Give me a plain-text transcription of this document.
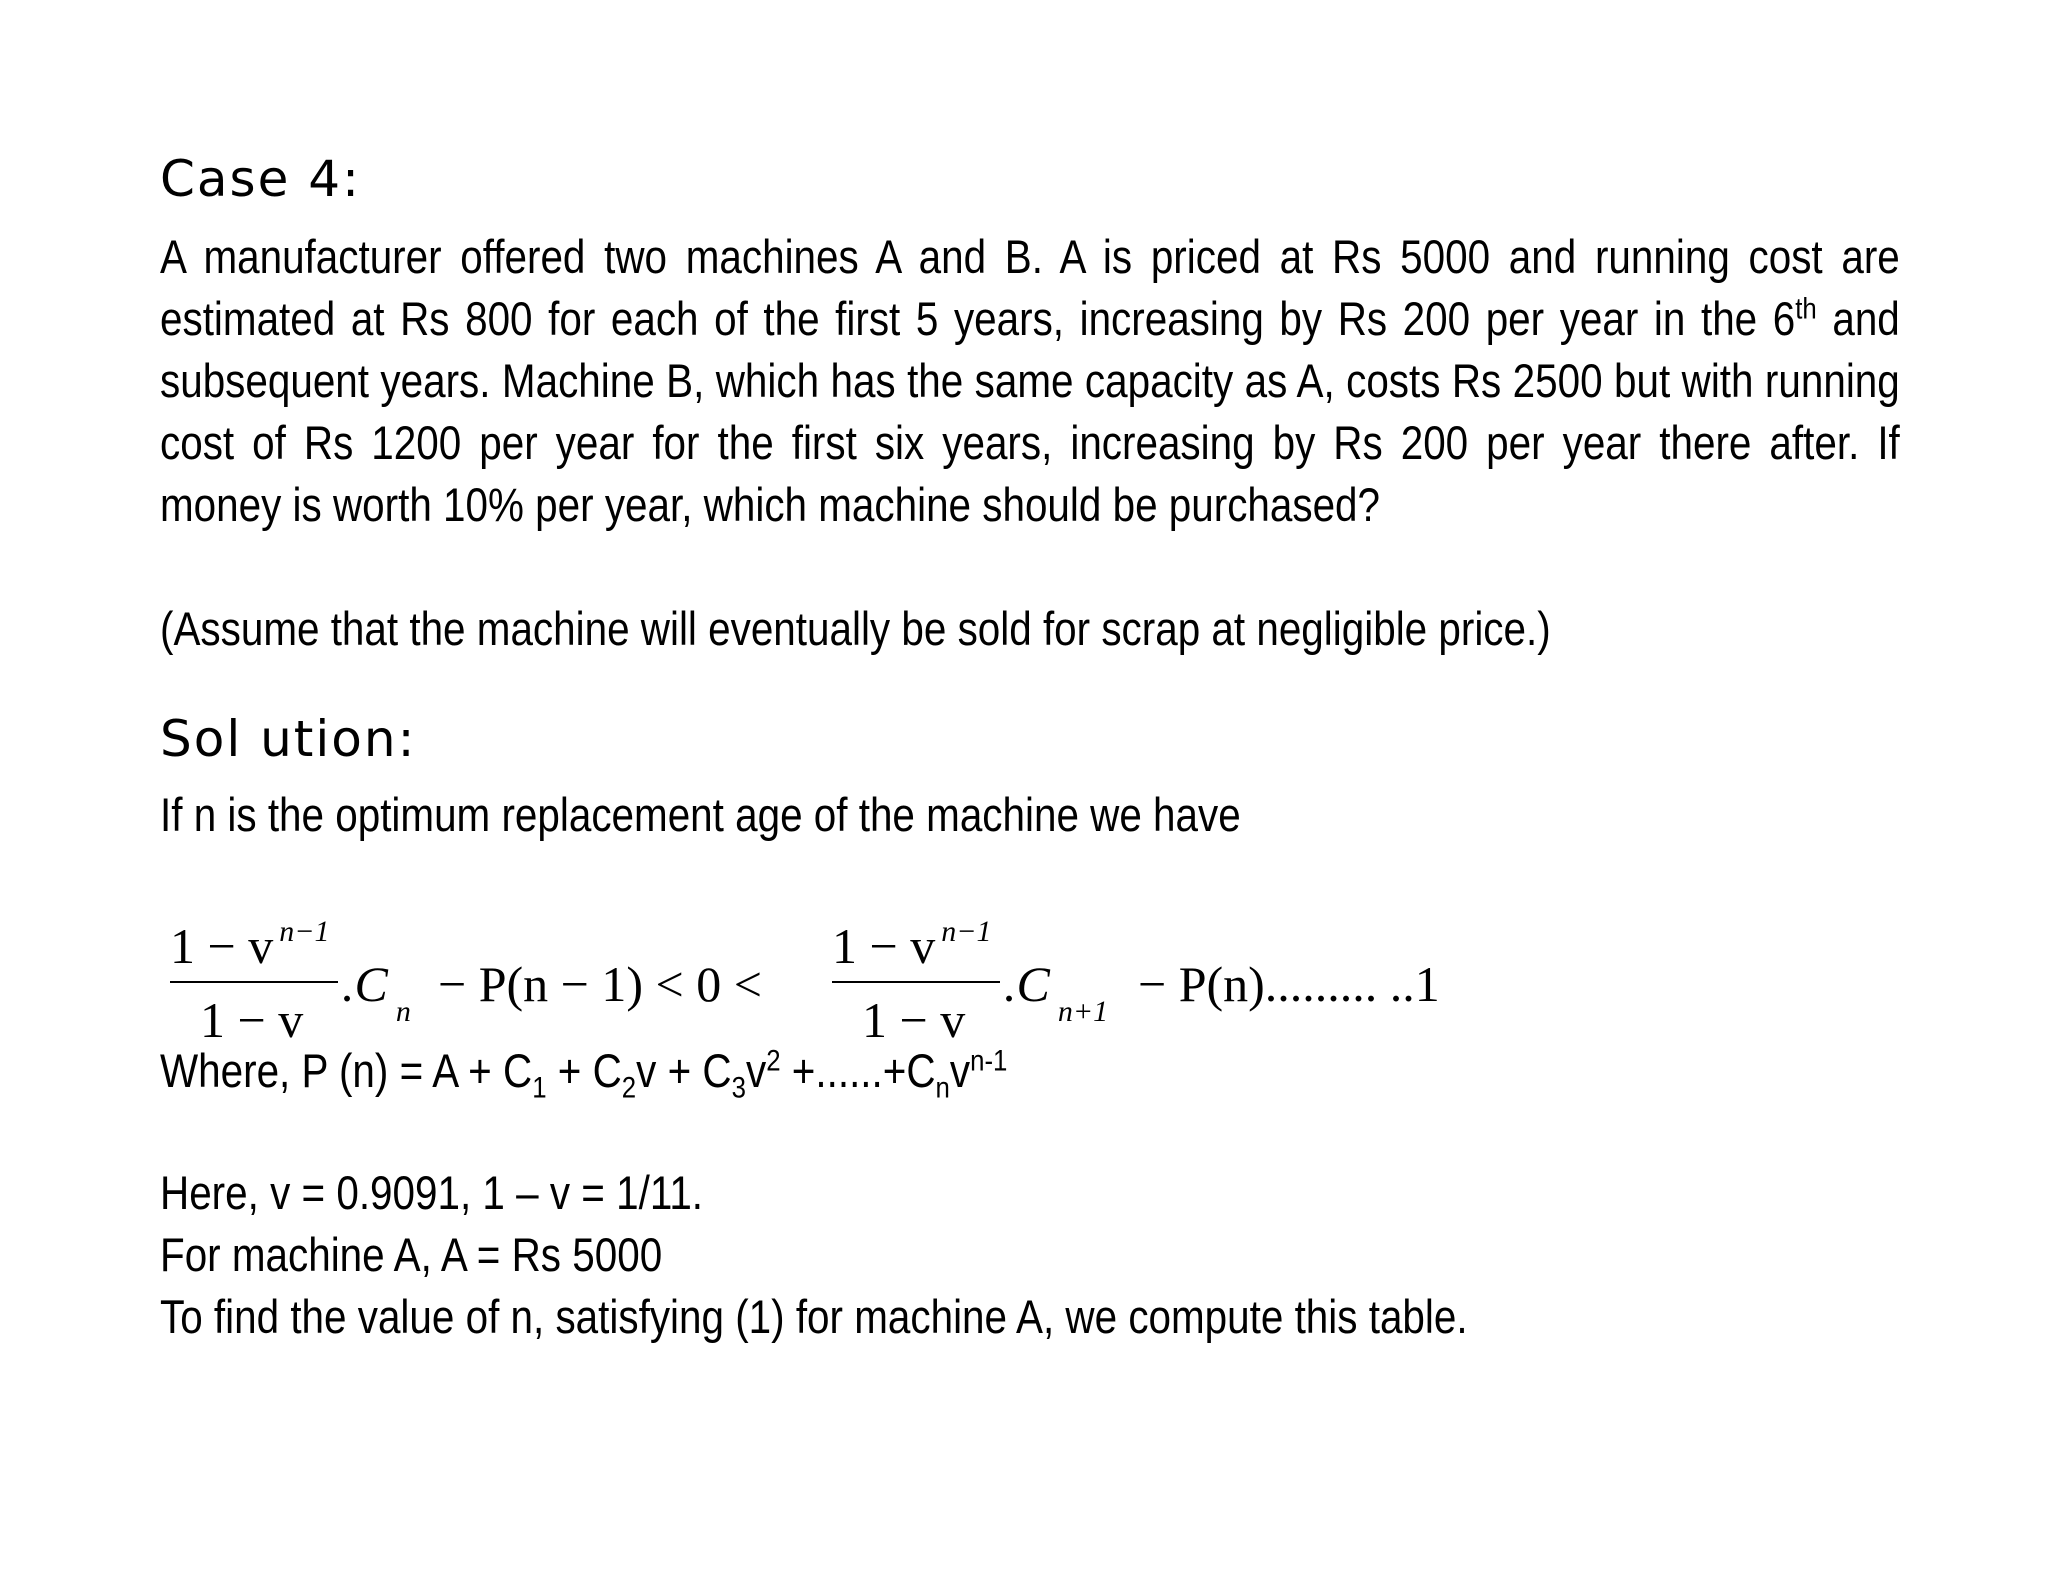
Case 4:

A manufacturer offered two machines A and B. A is priced at Rs 5000 and running cost are estimated at Rs 800 for each of the first 5 years, increasing by Rs 200 per year in the 6th and subsequent years. Machine B, which has the same capacity as A, costs Rs 2500 but with running cost of Rs 1200 per year for the first six years, increasing by Rs 200 per year there after. If money is worth 10% per year, which machine should be purchased?

(Assume that the machine will eventually be sold for scrap at negligible price.)

Sol ution:

If n is the optimum replacement age of the machine we have

Where, P $(n) = A + C_1 + C_2v + C_3v^2 +......+C_nv^{n-1}$

Here, v = 0.9091, 1 – v = 1/11.

For machine A, A = Rs 5000

To find the value of n, satisfying (1) for machine A, we compute this table.

1 − v $^{n-1}$
1 − v
.C $_n$ − P(n − 1) < 0 <
1 − v $^{n-1}$
1 − v
.C $_{n+1}$ − P(n)......... ..1
